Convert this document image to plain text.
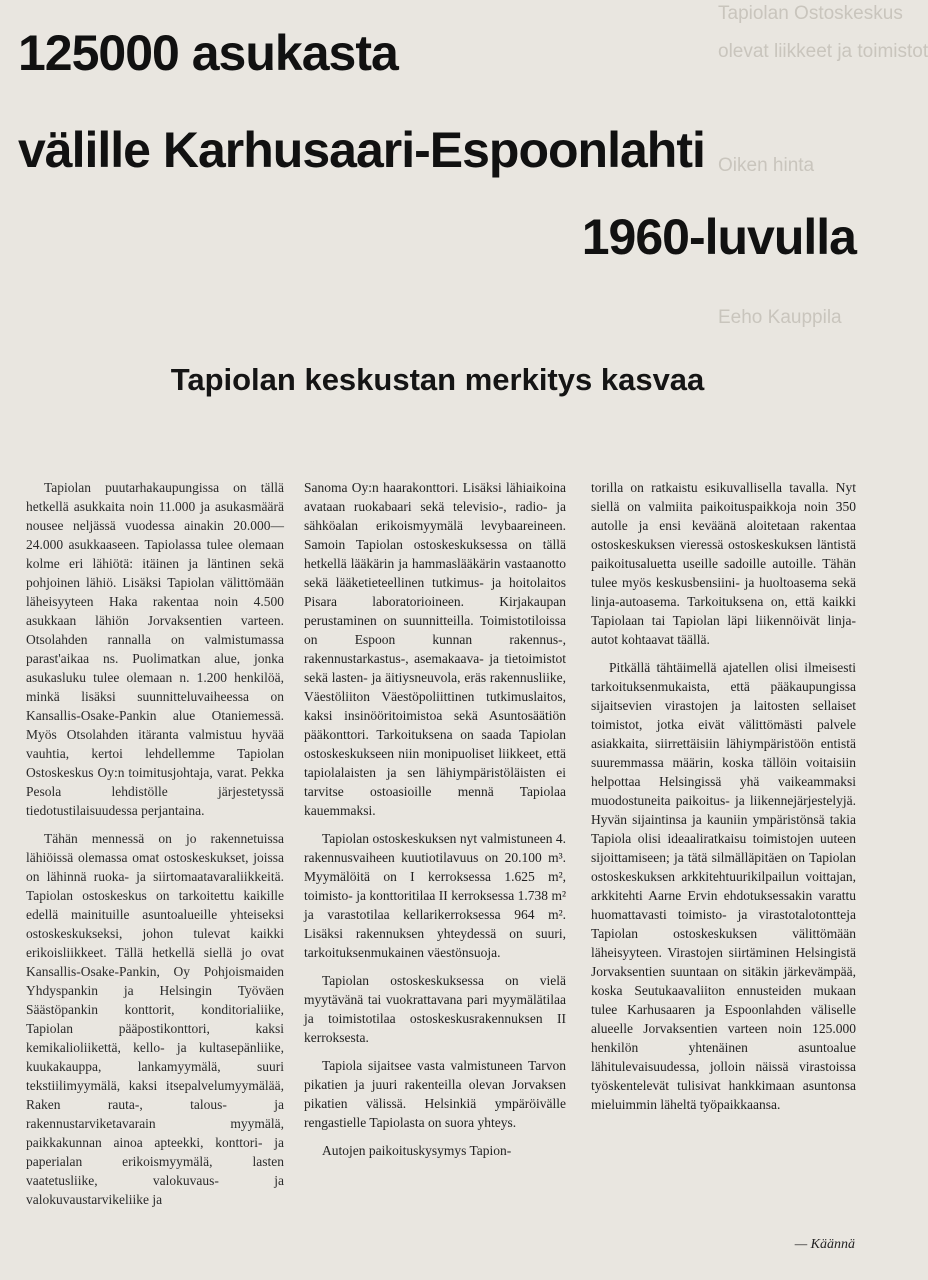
Tapiolan Ostoskeskus
olevat liikkeet ja toimistot

Oiken hinta

Eeho Kauppila
125000 asukasta
välille Karhusaari-Espoonlahti
1960-luvulla
Tapiolan keskustan merkitys kasvaa

Tapiolan puutarhakaupungissa on tällä hetkellä asukkaita noin 11.000 ja asukasmäärä nousee neljässä vuodessa ainakin 20.000—24.000 asukkaaseen. Tapiolassa tulee olemaan kolme eri lähiötä: itäinen ja läntinen sekä pohjoinen lähiö. Lisäksi Tapiolan välittömään läheisyyteen Haka rakentaa noin 4.500 asukkaan lähiön Jorvaksentien varteen. Otsolahden rannalla on valmistumassa parast'aikaa ns. Puolimatkan alue, jonka asukasluku tulee olemaan n. 1.200 henkilöä, minkä lisäksi suunnitteluvaiheessa on Kansallis-Osake-Pankin alue Otaniemessä. Myös Otsolahden itäranta valmistuu hyvää vauhtia, kertoi lehdellemme Tapiolan Ostoskeskus Oy:n toimitusjohtaja, varat. Pekka Pesola lehdistölle järjestetyssä tiedotustilaisuudessa perjantaina.

Tähän mennessä on jo rakennetuissa lähiöissä olemassa omat ostoskeskukset, joissa on lähinnä ruoka- ja siirtomaatavaraliikkeitä. Tapiolan ostoskeskus on tarkoitettu kaikille edellä mainituille asuntoalueille yhteiseksi ostoskeskukseksi, johon tulevat kaikki erikoisliikkeet. Tällä hetkellä siellä jo ovat Kansallis-Osake-Pankin, Oy Pohjoismaiden Yhdyspankin ja Helsingin Työväen Säästöpankin konttorit, konditorialiike, Tapiolan pääpostikonttori, kaksi kemikalioliikettä, kello- ja kultasepänliike, kuukakauppa, lankamyymälä, suuri tekstiilimyymälä, kaksi itsepalvelumyymälää, Raken rauta-, talous- ja rakennustarviketavarain myymälä, paikkakunnan ainoa apteekki, konttori- ja paperialan erikoismyymälä, lasten vaatetusliike, valokuvaus- ja valokuvaustarvikeliike ja

Sanoma Oy:n haarakonttori. Lisäksi lähiaikoina avataan ruokabaari sekä televisio-, radio- ja sähköalan erikoismyymälä levybaareineen. Samoin Tapiolan ostoskeskuksessa on tällä hetkellä lääkärin ja hammaslääkärin vastaanotto sekä lääketieteellinen tutkimus- ja hoitolaitos Pisara laboratorioineen. Kirjakaupan perustaminen on suunnitteilla. Toimistotiloissa on Espoon kunnan rakennus-, rakennustarkastus-, asemakaava- ja tietoimistot sekä lasten- ja äitiysneuvola, eräs rakennusliike, Väestöliiton Väestöpoliittinen tutkimuslaitos, kaksi insinööritoimistoa sekä Asuntosäätiön pääkonttori. Tarkoituksena on saada Tapiolan ostoskeskukseen niin monipuoliset liikkeet, että tapiolalaisten ja sen lähiympäristöläisten ei tarvitse ostoasioille mennä Tapiolaa kauemmaksi.

Tapiolan ostoskeskuksen nyt valmistuneen 4. rakennusvaiheen kuutiotilavuus on 20.100 m³. Myymälöitä on I kerroksessa 1.625 m², toimisto- ja konttoritilaa II kerroksessa 1.738 m² ja varastotilaa kellarikerroksessa 964 m². Lisäksi rakennuksen yhteydessä on suuri, tarkoituksenmukainen väestönsuoja.

Tapiolan ostoskeskuksessa on vielä myytävänä tai vuokrattavana pari myymälätilaa ja toimistotilaa ostoskeskusrakennuksen II kerroksesta.

Tapiola sijaitsee vasta valmistuneen Tarvon pikatien ja juuri rakenteilla olevan Jorvaksen pikatien välissä. Helsinkiä ympäröivälle rengastielle Tapiolasta on suora yhteys.

Autojen paikoituskysymys Tapion-

torilla on ratkaistu esikuvallisella tavalla. Nyt siellä on valmiita paikoituspaikkoja noin 350 autolle ja ensi keväänä aloitetaan rakentaa ostoskeskuksen vieressä ostoskeskuksen läntistä paikoitusaluetta useille sadoille autoille. Tähän tulee myös keskusbensiini- ja huoltoasema sekä linja-autoasema. Tarkoituksena on, että kaikki Tapiolaan tai Tapiolan läpi liikennöivät linja-autot kohtaavat täällä.

Pitkällä tähtäimellä ajatellen olisi ilmeisesti tarkoituksenmukaista, että pääkaupungissa sijaitsevien virastojen ja laitosten sellaiset toimistot, jotka eivät välittömästi palvele asiakkaita, siirrettäisiin lähiympäristöön entistä suuremmassa määrin, koska tällöin voitaisiin helpottaa Helsingissä yhä vaikeammaksi muodostuneita paikoitus- ja liikennejärjestelyjä. Hyvän sijaintinsa ja kauniin ympäristönsä takia Tapiola olisi ideaaliratkaisu toimistojen uuteen sijoittamiseen; ja tätä silmälläpitäen on Tapiolan ostoskeskuksen arkkitehtuurikilpailun voittajan, arkkitehti Aarne Ervin ehdotuksessakin varattu huomattavasti toimisto- ja virastotalotontteja Tapiolan ostoskeskuksen välittömään läheisyyteen. Virastojen siirtäminen Helsingistä Jorvaksentien suuntaan on sitäkin järkevämpää, koska Seutukaavaliiton ennusteiden mukaan tulee Karhusaaren ja Espoonlahden väliselle alueelle Jorvaksentien varteen noin 125.000 henkilön yhtenäinen asuntoalue lähitulevaisuudessa, jolloin näissä virastoissa työskentelevät tulisivat hankkimaan asuntonsa mieluimmin läheltä työpaikkaansa.

— Käännä
